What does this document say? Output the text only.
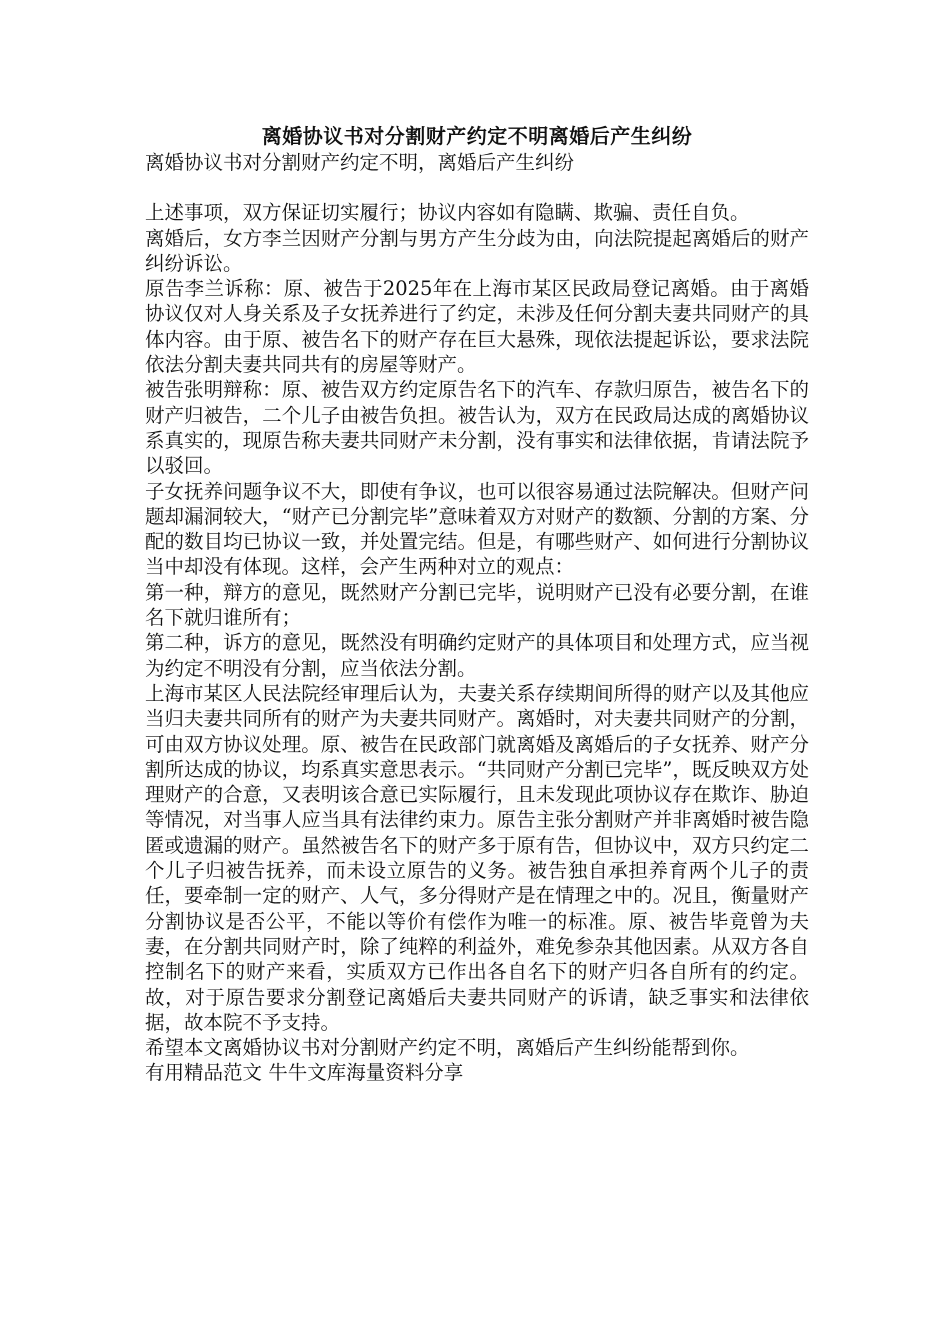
离婚协议书对分割财产约定不明离婚后产生纠纷

离婚协议书对分割财产约定不明，离婚后产生纠纷

上述事项，双方保证切实履行；协议内容如有隐瞒、欺骗、责任自负。

离婚后，女方李兰因财产分割与男方产生分歧为由，向法院提起离婚后的财产纠纷诉讼。

原告李兰诉称：原、被告于2025年在上海市某区民政局登记离婚。由于离婚协议仅对人身关系及子女抚养进行了约定，未涉及任何分割夫妻共同财产的具体内容。由于原、被告名下的财产存在巨大悬殊，现依法提起诉讼，要求法院依法分割夫妻共同共有的房屋等财产。

被告张明辩称：原、被告双方约定原告名下的汽车、存款归原告，被告名下的财产归被告，二个儿子由被告负担。被告认为，双方在民政局达成的离婚协议系真实的，现原告称夫妻共同财产未分割，没有事实和法律依据，肯请法院予以驳回。

子女抚养问题争议不大，即使有争议，也可以很容易通过法院解决。但财产问题却漏洞较大，“财产已分割完毕”意味着双方对财产的数额、分割的方案、分配的数目均已协议一致，并处置完结。但是，有哪些财产、如何进行分割协议当中却没有体现。这样，会产生两种对立的观点：

第一种，辩方的意见，既然财产分割已完毕，说明财产已没有必要分割，在谁名下就归谁所有；

第二种，诉方的意见，既然没有明确约定财产的具体项目和处理方式，应当视为约定不明没有分割，应当依法分割。

上海市某区人民法院经审理后认为，夫妻关系存续期间所得的财产以及其他应当归夫妻共同所有的财产为夫妻共同财产。离婚时，对夫妻共同财产的分割，可由双方协议处理。原、被告在民政部门就离婚及离婚后的子女抚养、财产分割所达成的协议，均系真实意思表示。“共同财产分割已完毕”，既反映双方处理财产的合意，又表明该合意已实际履行，且未发现此项协议存在欺诈、胁迫等情况，对当事人应当具有法律约束力。原告主张分割财产并非离婚时被告隐匿或遗漏的财产。虽然被告名下的财产多于原有告，但协议中，双方只约定二个儿子归被告抚养，而未设立原告的义务。被告独自承担养育两个儿子的责任，要牵制一定的财产、人气，多分得财产是在情理之中的。况且，衡量财产分割协议是否公平，不能以等价有偿作为唯一的标准。原、被告毕竟曾为夫妻，在分割共同财产时，除了纯粹的利益外，难免参杂其他因素。从双方各自控制名下的财产来看，实质双方已作出各自名下的财产归各自所有的约定。故，对于原告要求分割登记离婚后夫妻共同财产的诉请，缺乏事实和法律依据，故本院不予支持。

希望本文离婚协议书对分割财产约定不明，离婚后产生纠纷能帮到你。

有用精品范文 牛牛文库海量资料分享
